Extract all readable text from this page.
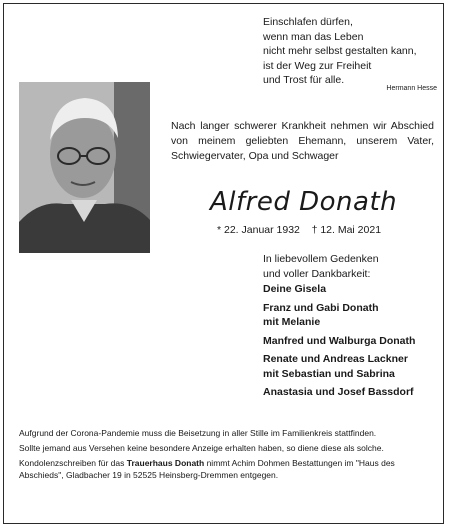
Einschlafen dürfen,
wenn man das Leben
nicht mehr selbst gestalten kann,
ist der Weg zur Freiheit
und Trost für alle.
Hermann Hesse
Nach langer schwerer Krankheit nehmen wir Abschied von meinem geliebten Ehemann, unserem Vater, Schwiegervater, Opa und Schwager
Alfred Donath
* 22. Januar 1932 † 12. Mai 2021
In liebevollem Gedenken
und voller Dankbarkeit:
Deine Gisela
Franz und Gabi Donath
mit Melanie
Manfred und Walburga Donath
Renate und Andreas Lackner
mit Sebastian und Sabrina
Anastasia und Josef Bassdorf

Aufgrund der Corona-Pandemie muss die Beisetzung in aller Stille im Familienkreis stattfinden.

Sollte jemand aus Versehen keine besondere Anzeige erhalten haben, so diene diese als solche.

Kondolenzschreiben für das Trauerhaus Donath nimmt Achim Dohmen Bestattungen im "Haus des Abschieds", Gladbacher 19 in 52525 Heinsberg-Dremmen entgegen.
